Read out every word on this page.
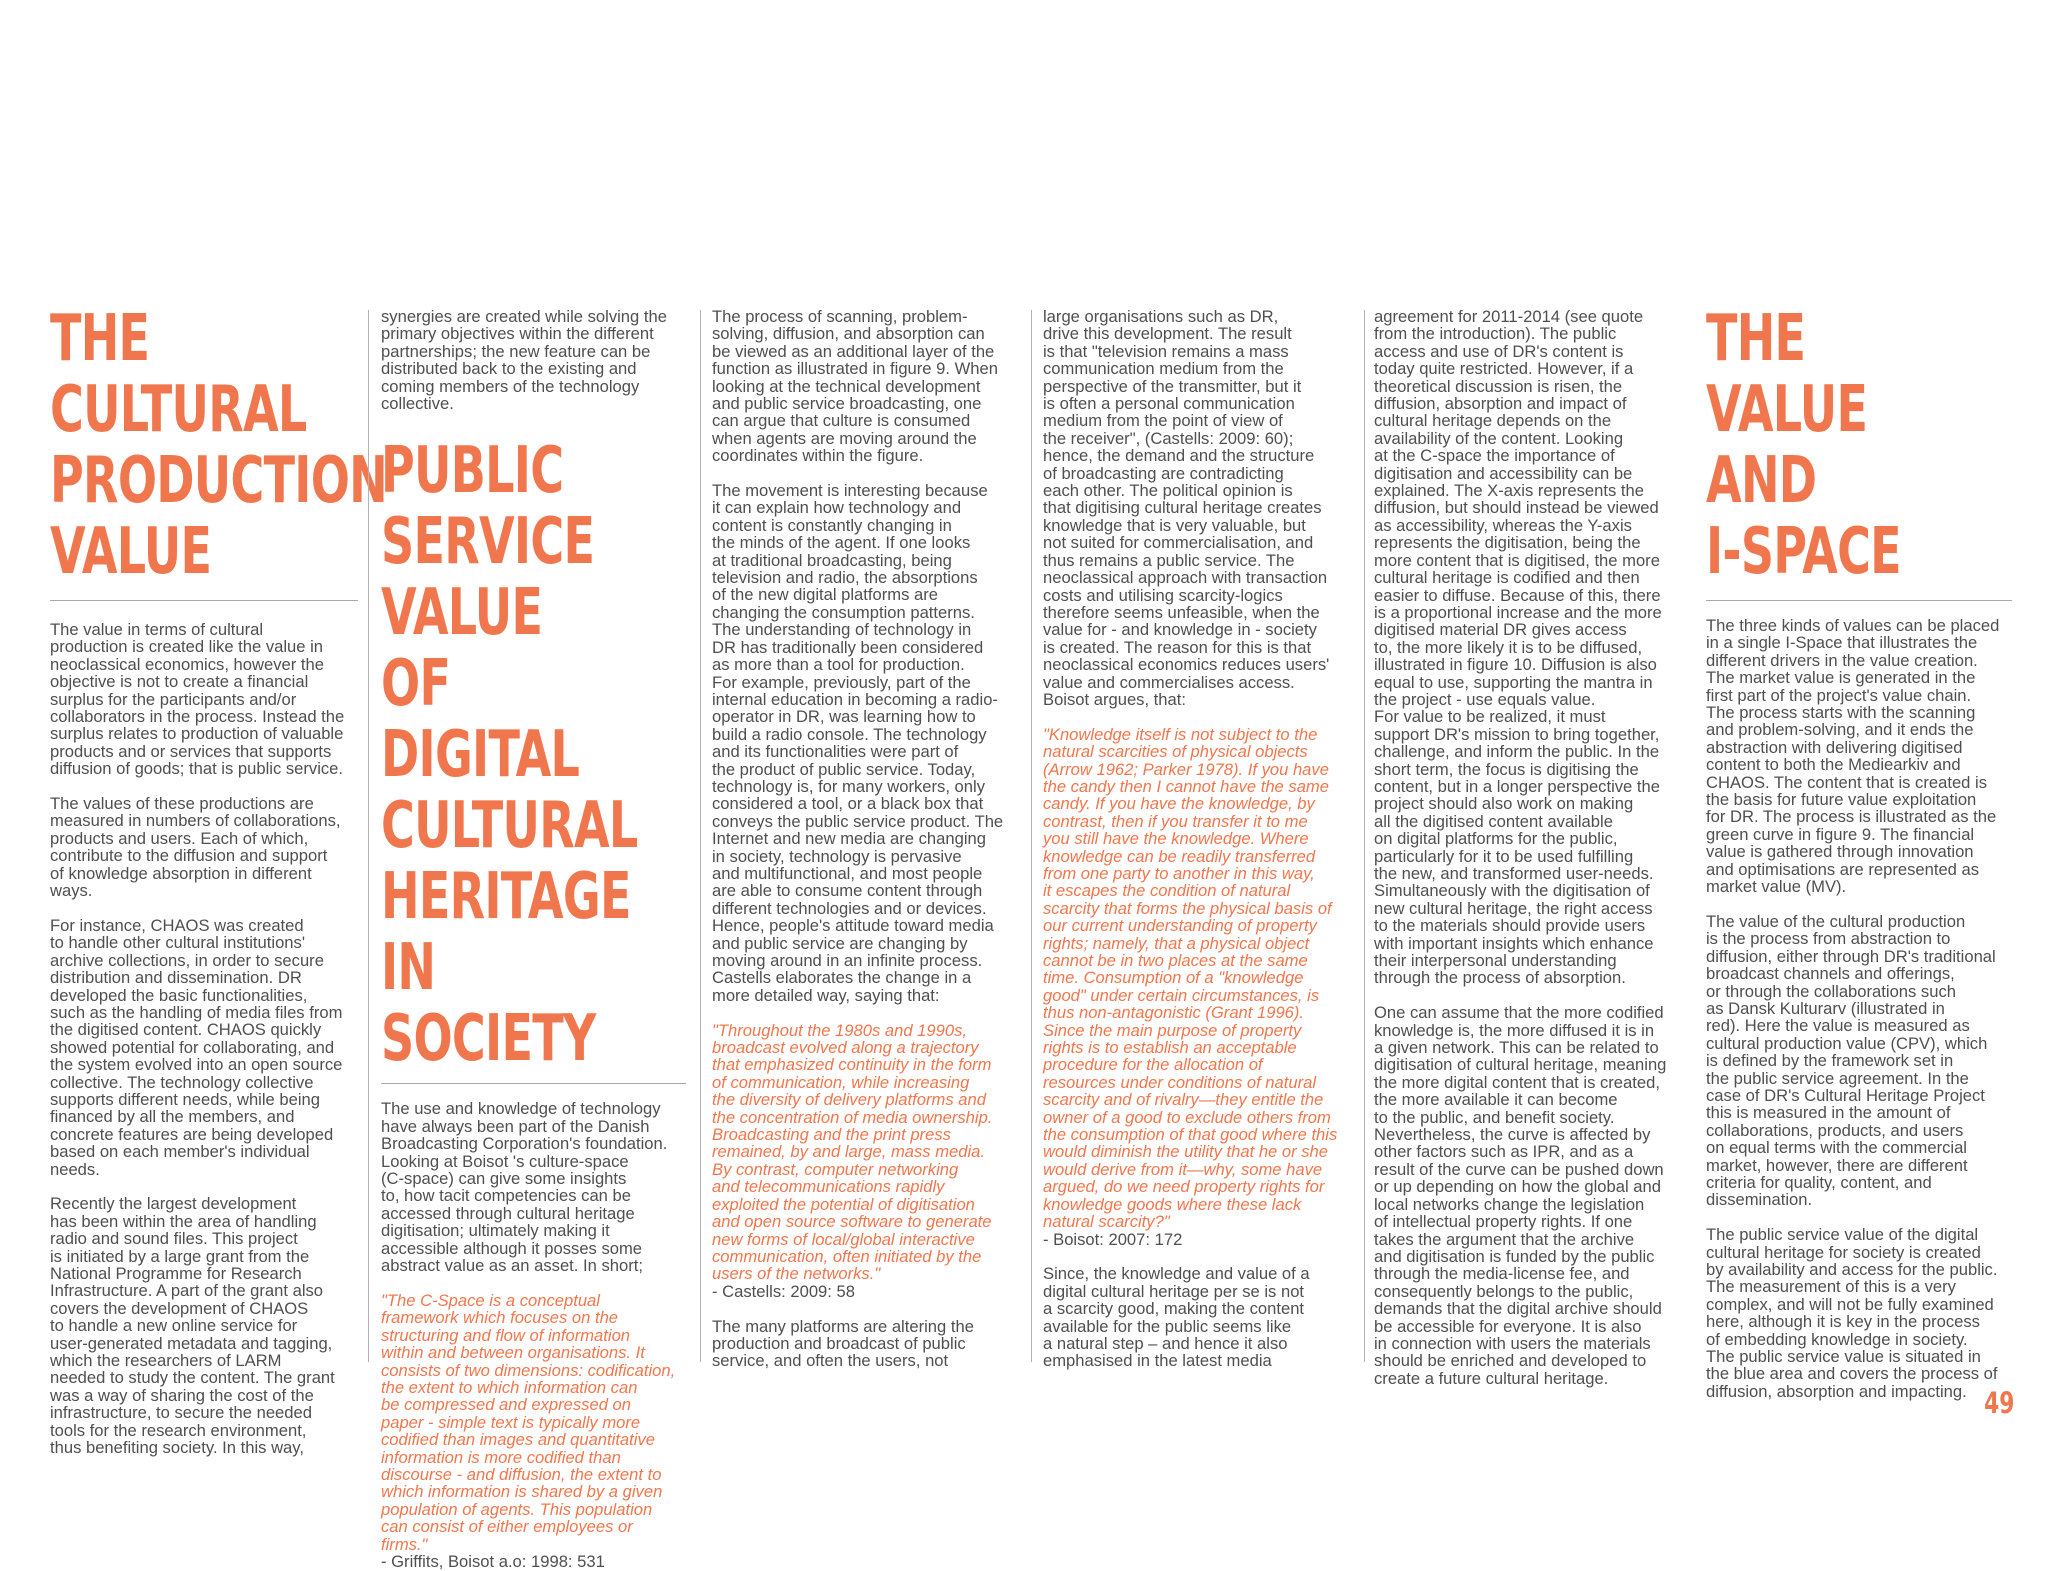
THE CULTURAL
PRODUCTION
VALUE

The value in terms of cultural
production is created like the value in
neoclassical economics, however the
objective is not to create a financial
surplus for the participants and/or
collaborators in the process. Instead the
surplus relates to production of valuable
products and or services that supports
diffusion of goods; that is public service.

The values of these productions are
measured in numbers of collaborations,
products and users. Each of which,
contribute to the diffusion and support
of knowledge absorption in different
ways.

For instance, CHAOS was created
to handle other cultural institutions'
archive collections, in order to secure
distribution and dissemination. DR
developed the basic functionalities,
such as the handling of media files from
the digitised content. CHAOS quickly
showed potential for collaborating, and
the system evolved into an open source
collective. The technology collective
supports different needs, while being
financed by all the members, and
concrete features are being developed
based on each member's individual
needs.

Recently the largest development
has been within the area of handling
radio and sound files. This project
is initiated by a large grant from the
National Programme for Research
Infrastructure. A part of the grant also
covers the development of CHAOS
to handle a new online service for
user-generated metadata and tagging,
which the researchers of LARM
needed to study the content. The grant
was a way of sharing the cost of the
infrastructure, to secure the needed
tools for the research environment,
thus benefiting society. In this way,

synergies are created while solving the
primary objectives within the different
partnerships; the new feature can be
distributed back to the existing and
coming members of the technology
collective.

PUBLIC
SERVICE VALUE
OF DIGITAL
CULTURAL
HERITAGE IN
SOCIETY

The use and knowledge of technology
have always been part of the Danish
Broadcasting Corporation's foundation.
Looking at Boisot 's culture-space
(C-space) can give some insights
to, how tacit competencies can be
accessed through cultural heritage
digitisation; ultimately making it
accessible although it posses some
abstract value as an asset. In short;

"The C-Space is a conceptual
framework which focuses on the
structuring and flow of information
within and between organisations. It
consists of two dimensions: codification,
the extent to which information can
be compressed and expressed on
paper - simple text is typically more
codified than images and quantitative
information is more codified than
discourse - and diffusion, the extent to
which information is shared by a given
population of agents. This population
can consist of either employees or
firms."

- Griffits, Boisot a.o: 1998: 531

The process of scanning, problem-
solving, diffusion, and absorption can
be viewed as an additional layer of the
function as illustrated in figure 9. When
looking at the technical development
and public service broadcasting, one
can argue that culture is consumed
when agents are moving around the
coordinates within the figure.

The movement is interesting because
it can explain how technology and
content is constantly changing in
the minds of the agent. If one looks
at traditional broadcasting, being
television and radio, the absorptions
of the new digital platforms are
changing the consumption patterns.
The understanding of technology in
DR has traditionally been considered
as more than a tool for production.
For example, previously, part of the
internal education in becoming a radio-
operator in DR, was learning how to
build a radio console. The technology
and its functionalities were part of
the product of public service. Today,
technology is, for many workers, only
considered a tool, or a black box that
conveys the public service product. The
Internet and new media are changing
in society, technology is pervasive
and multifunctional, and most people
are able to consume content through
different technologies and or devices.
Hence, people's attitude toward media
and public service are changing by
moving around in an infinite process.
Castells elaborates the change in a
more detailed way, saying that:

"Throughout the 1980s and 1990s,
broadcast evolved along a trajectory
that emphasized continuity in the form
of communication, while increasing
the diversity of delivery platforms and
the concentration of media ownership.
Broadcasting and the print press
remained, by and large, mass media.
By contrast, computer networking
and telecommunications rapidly
exploited the potential of digitisation
and open source software to generate
new forms of local/global interactive
communication, often initiated by the
users of the networks."

- Castells: 2009: 58

The many platforms are altering the
production and broadcast of public
service, and often the users, not

large organisations such as DR,
drive this development. The result
is that "television remains a mass
communication medium from the
perspective of the transmitter, but it
is often a personal communication
medium from the point of view of
the receiver", (Castells: 2009: 60);
hence, the demand and the structure
of broadcasting are contradicting
each other. The political opinion is
that digitising cultural heritage creates
knowledge that is very valuable, but
not suited for commercialisation, and
thus remains a public service. The
neoclassical approach with transaction
costs and utilising scarcity-logics
therefore seems unfeasible, when the
value for - and knowledge in - society
is created. The reason for this is that
neoclassical economics reduces users'
value and commercialises access.
Boisot argues, that:

"Knowledge itself is not subject to the
natural scarcities of physical objects
(Arrow 1962; Parker 1978). If you have
the candy then I cannot have the same
candy. If you have the knowledge, by
contrast, then if you transfer it to me
you still have the knowledge. Where
knowledge can be readily transferred
from one party to another in this way,
it escapes the condition of natural
scarcity that forms the physical basis of
our current understanding of property
rights; namely, that a physical object
cannot be in two places at the same
time. Consumption of a "knowledge
good" under certain circumstances, is
thus non-antagonistic (Grant 1996).
Since the main purpose of property
rights is to establish an acceptable
procedure for the allocation of
resources under conditions of natural
scarcity and of rivalry—they entitle the
owner of a good to exclude others from
the consumption of that good where this
would diminish the utility that he or she
would derive from it—why, some have
argued, do we need property rights for
knowledge goods where these lack
natural scarcity?"

- Boisot: 2007: 172

Since, the knowledge and value of a
digital cultural heritage per se is not
a scarcity good, making the content
available for the public seems like
a natural step – and hence it also
emphasised in the latest media

agreement for 2011-2014 (see quote
from the introduction). The public
access and use of DR's content is
today quite restricted. However, if a
theoretical discussion is risen, the
diffusion, absorption and impact of
cultural heritage depends on the
availability of the content. Looking
at the C-space the importance of
digitisation and accessibility can be
explained. The X-axis represents the
diffusion, but should instead be viewed
as accessibility, whereas the Y-axis
represents the digitisation, being the
more content that is digitised, the more
cultural heritage is codified and then
easier to diffuse. Because of this, there
is a proportional increase and the more
digitised material DR gives access
to, the more likely it is to be diffused,
illustrated in figure 10. Diffusion is also
equal to use, supporting the mantra in
the project - use equals value.
For value to be realized, it must
support DR's mission to bring together,
challenge, and inform the public. In the
short term, the focus is digitising the
content, but in a longer perspective the
project should also work on making
all the digitised content available
on digital platforms for the public,
particularly for it to be used fulfilling
the new, and transformed user-needs.
Simultaneously with the digitisation of
new cultural heritage, the right access
to the materials should provide users
with important insights which enhance
their interpersonal understanding
through the process of absorption.

One can assume that the more codified
knowledge is, the more diffused it is in
a given network. This can be related to
digitisation of cultural heritage, meaning
the more digital content that is created,
the more available it can become
to the public, and benefit society.
Nevertheless, the curve is affected by
other factors such as IPR, and as a
result of the curve can be pushed down
or up depending on how the global and
local networks change the legislation
of intellectual property rights. If one
takes the argument that the archive
and digitisation is funded by the public
through the media-license fee, and
consequently belongs to the public,
demands that the digital archive should
be accessible for everyone. It is also
in connection with users the materials
should be enriched and developed to
create a future cultural heritage.

THE VALUE AND
I-SPACE

The three kinds of values can be placed
in a single I-Space that illustrates the
different drivers in the value creation.
The market value is generated in the
first part of the project's value chain.
The process starts with the scanning
and problem-solving, and it ends the
abstraction with delivering digitised
content to both the Mediearkiv and
CHAOS. The content that is created is
the basis for future value exploitation
for DR. The process is illustrated as the
green curve in figure 9. The financial
value is gathered through innovation
and optimisations are represented as
market value (MV).

The value of the cultural production
is the process from abstraction to
diffusion, either through DR's traditional
broadcast channels and offerings,
or through the collaborations such
as Dansk Kulturarv (illustrated in
red). Here the value is measured as
cultural production value (CPV), which
is defined by the framework set in
the public service agreement. In the
case of DR's Cultural Heritage Project
this is measured in the amount of
collaborations, products, and users
on equal terms with the commercial
market, however, there are different
criteria for quality, content, and
dissemination.

The public service value of the digital
cultural heritage for society is created
by availability and access for the public.
The measurement of this is a very
complex, and will not be fully examined
here, although it is key in the process
of embedding knowledge in society.
The public service value is situated in
the blue area and covers the process of
diffusion, absorption and impacting. 49
